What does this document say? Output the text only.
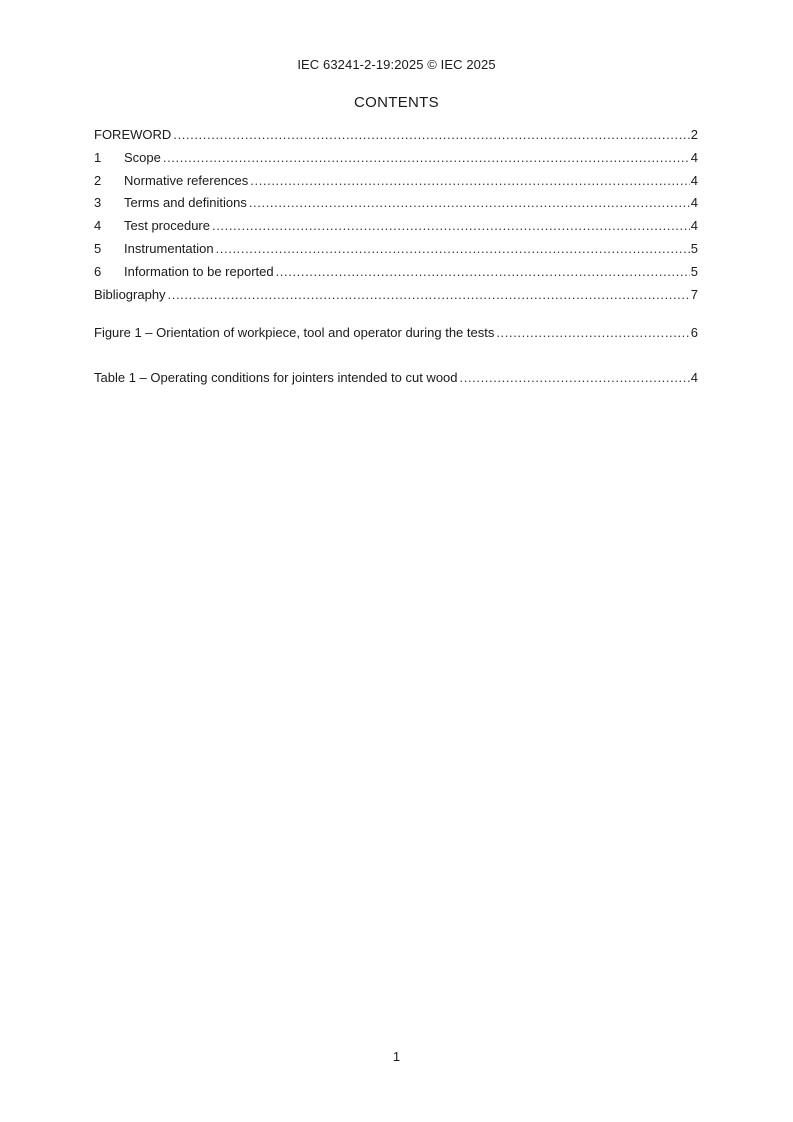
IEC 63241-2-19:2025 © IEC 2025
CONTENTS
FOREWORD .....	2
1	Scope .....	4
2	Normative references .....	4
3	Terms and definitions .....	4
4	Test procedure .....	4
5	Instrumentation .....	5
6	Information to be reported .....	5
Bibliography .....	7
Figure 1 – Orientation of workpiece, tool and operator during the tests .....	6
Table 1 – Operating conditions for jointers intended to cut wood .....	4
1
